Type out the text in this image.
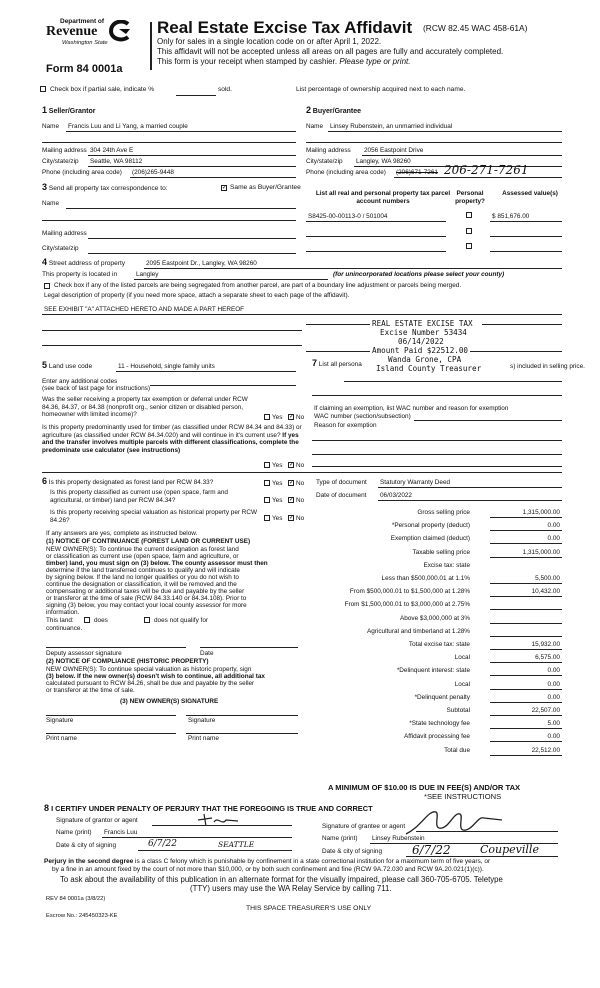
Department of
Revenue
Washington State
Form 84 0001a
Real Estate Excise Tax Affidavit (RCW 82.45 WAC 458-61A)
Only for sales in a single location code on or after April 1, 2022.
This affidavit will not be accepted unless all areas on all pages are fully and accurately completed.
This form is your receipt when stamped by cashier. Please type or print.
Check box if partial sale, indicate %	sold.	List percentage of ownership acquired next to each name.
1 Seller/Grantor
Name Francis Luu and Li Yang, a married couple
Mailing address 304 24th Ave E
City/state/zip Seattle, WA 98112
Phone (including area code) (206)265-9448
2 Buyer/Grantee
Name Linsey Rubenstein, an unmarried individual
Mailing address 2056 Eastpoint Drive
City/state/zip Langley, WA 98260
Phone (including area code) (206)671-7261 206-271-7261
3 Send all property tax correspondence to:	✓ Same as Buyer/Grantee
Name
Mailing address
City/state/zip
List all real and personal property tax parcel account numbers
Personal property?
Assessed value(s)
S8425-00-00113-0 / 501004	$ 851,676.00
4 Street address of property	2095 Eastpoint Dr., Langley, WA 98260
This property is located in	Langley	(for unincorporated locations please select your county)
Check box if any of the listed parcels are being segregated from another parcel, are part of a boundary line adjustment or parcels being merged.
Legal description of property (if you need more space, attach a separate sheet to each page of the affidavit).
SEE EXHIBIT "A" ATTACHED HERETO AND MADE A PART HEREOF
REAL ESTATE EXCISE TAX
Excise Number 53434
06/14/2022
Amount Paid $22512.00
Wanda Grone, CPA
Island County Treasurer
5 Land use code	11 - Household, single family units
Enter any additional codes
(see back of last page for instructions)
Was the seller receiving a property tax exemption or deferral under RCW 84.36, 84.37, or 84.38 (nonprofit org., senior citizen or disabled person, homeowner with limited income)?	Yes ✓ No
Is this property predominantly used for timber (as classified under RCW 84.34 and 84.33) or agriculture (as classified under RCW 84.34.020) and will continue in it's current use? If yes and the transfer involves multiple parcels with different classifications, complete the predominate use calculator (see instructions)
Yes ✓ No
7 List all persona	s) included in selling price.
If claiming an exemption, list WAC number and reason for exemption
WAC number (section/subsection)
Reason for exemption
6 Is this property designated as forest land per RCW 84.33?	Yes ✓ No
Is this property classified as current use (open space, farm and agricultural, or timber) land per RCW 84.34?	Yes ✓ No
Is this property receiving special valuation as historical property per RCW 84.26?	Yes ✓ No
If any answers are yes, complete as instructed below.
(1) NOTICE OF CONTINUANCE (FOREST LAND OR CURRENT USE)
NEW OWNER(S): To continue the current designation as forest land
or classification as current use (open space, farm and agriculture, or
timber) land, you must sign on (3) below. The county assessor must then
determine if the land transferred continues to qualify and will indicate
by signing below. If the land no longer qualifies or you do not wish to
continue the designation or classification, it will be removed and the
compensating or additional taxes will be due and payable by the seller
or transferor at the time of sale (RCW 84.33.140 or 84.34.108). Prior to
signing (3) below, you may contact your local county assessor for more
information.
This land:	does	does not qualify for
continuance.
Deputy assessor signature	Date
(2) NOTICE OF COMPLIANCE (HISTORIC PROPERTY)
NEW OWNER(S): To continue special valuation as historic property, sign
(3) below. If the new owner(s) doesn't wish to continue, all additional tax
calculated pursuant to RCW 84.26, shall be due and payable by the seller
or transferor at the time of sale.
(3) NEW OWNER(S) SIGNATURE
Signature	Signature
Print name	Print name
Type of document Statutory Warranty Deed
Date of document 06/03/2022
Gross selling price	1,315,000.00
*Personal property (deduct)	0.00
Exemption claimed (deduct)	0.00
Taxable selling price	1,315,000.00
Excise tax: state
Less than $500,000.01 at 1.1%	5,500.00
From $500,000.01 to $1,500,000 at 1.28%	10,432.00
From $1,500,000.01 to $3,000,000 at 2.75%
Above $3,000,000 at 3%
Agricultural and timberland at 1.28%
Total excise tax: state	15,932.00
Local	6,575.00
*Delinquent interest: state	0.00
Local	0.00
*Delinquent penalty	0.00
Subtotal	22,507.00
*State technology fee	5.00
Affidavit processing fee	0.00
Total due	22,512.00
A MINIMUM OF $10.00 IS DUE IN FEE(S) AND/OR TAX
*SEE INSTRUCTIONS
8 I CERTIFY UNDER PENALTY OF PERJURY THAT THE FOREGOING IS TRUE AND CORRECT
Signature of grantor or agent
Name (print) Francis Luu
Date & city of signing	6/7/22	SEATTLE
Signature of grantee or agent
Name (print) Linsey Rubenstein
Date & city of signing 6/7/22	Coupeville
Perjury in the second degree is a class C felony which is punishable by confinement in a state correctional institution for a maximum term of five years, or
by a fine in an amount fixed by the court of not more than $10,000, or by both such confinement and fine (RCW 9A.72.030 and RCW 9A.20.021(1)(c)).
To ask about the availability of this publication in an alternate format for the visually impaired, please call 360-705-6705. Teletype
(TTY) users may use the WA Relay Service by calling 711.
REV 84 0001a (3/8/22)
THIS SPACE TREASURER'S USE ONLY
Escrow No.: 245450323-KE
